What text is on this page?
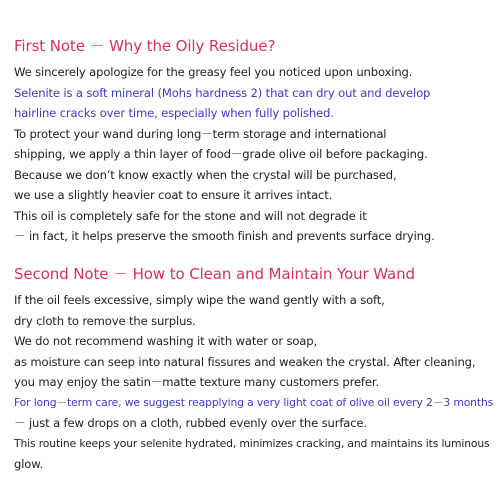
First Note － Why the Oily Residue?
We sincerely apologize for the greasy feel you noticed upon unboxing.
Selenite is a soft mineral (Mohs hardness 2) that can dry out and develop
hairline cracks over time, especially when fully polished.
To protect your wand during long－term storage and international
shipping, we apply a thin layer of food－grade olive oil before packaging.
Because we don’t know exactly when the crystal will be purchased,
we use a slightly heavier coat to ensure it arrives intact.
This oil is completely safe for the stone and will not degrade it
－ in fact, it helps preserve the smooth finish and prevents surface drying.
Second Note － How to Clean and Maintain Your Wand
If the oil feels excessive, simply wipe the wand gently with a soft,
dry cloth to remove the surplus.
We do not recommend washing it with water or soap,
as moisture can seep into natural fissures and weaken the crystal. After cleaning,
you may enjoy the satin－matte texture many customers prefer.
For long－term care, we suggest reapplying a very light coat of olive oil every 2－3 months
－ just a few drops on a cloth, rubbed evenly over the surface.
This routine keeps your selenite hydrated, minimizes cracking, and maintains its luminous
glow.
